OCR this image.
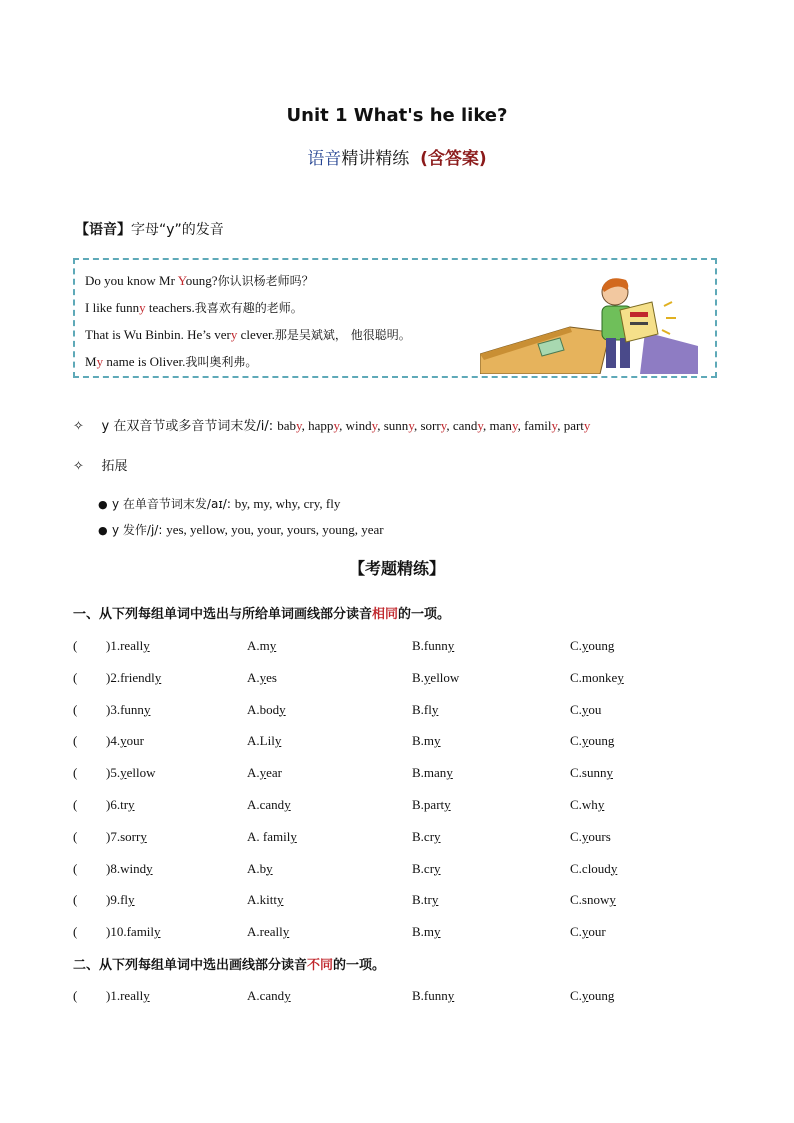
Unit 1 What's he like?
语音精讲精练 (含答案)
【语音】字母“y”的发音
Do you know Mr Young?你认识杨老师吗？
I like funny teachers.我喜欢有趣的老师。
That is Wu Binbin. He’s very clever.那是吴斌斌， 他很聪明。
My name is Oliver.我叫奥利弗。
✧ y 在双音节或多音节词末发/i/: baby, happy, windy, sunny, sorry, candy, many, family, party
✧ 拓展
● y 在单音节词末发/aɪ/: by, my, why, cry, fly
● y 发作/j/: yes, yellow, you, your, yours, young, year
【考题精练】
一、从下列每组单词中选出与所给单词画线部分读音相同的一项。
( )1.really	A.my	B.funny	C.young
( )2.friendly	A.yes	B.yellow	C.monkey
( )3.funny	A.body	B.fly	C.you
( )4.your	A.Lily	B.my	C.young
( )5.yellow	A.year	B.many	C.sunny
( )6.try	A.candy	B.party	C.why
( )7.sorry	A. family	B.cry	C.yours
( )8.windy	A.by	B.cry	C.cloudy
( )9.fly	A.kitty	B.try	C.snowy
( )10.family	A.really	B.my	C.your
二、从下列每组单词中选出画线部分读音不同的一项。
( )1.really	A.candy	B.funny	C.young
